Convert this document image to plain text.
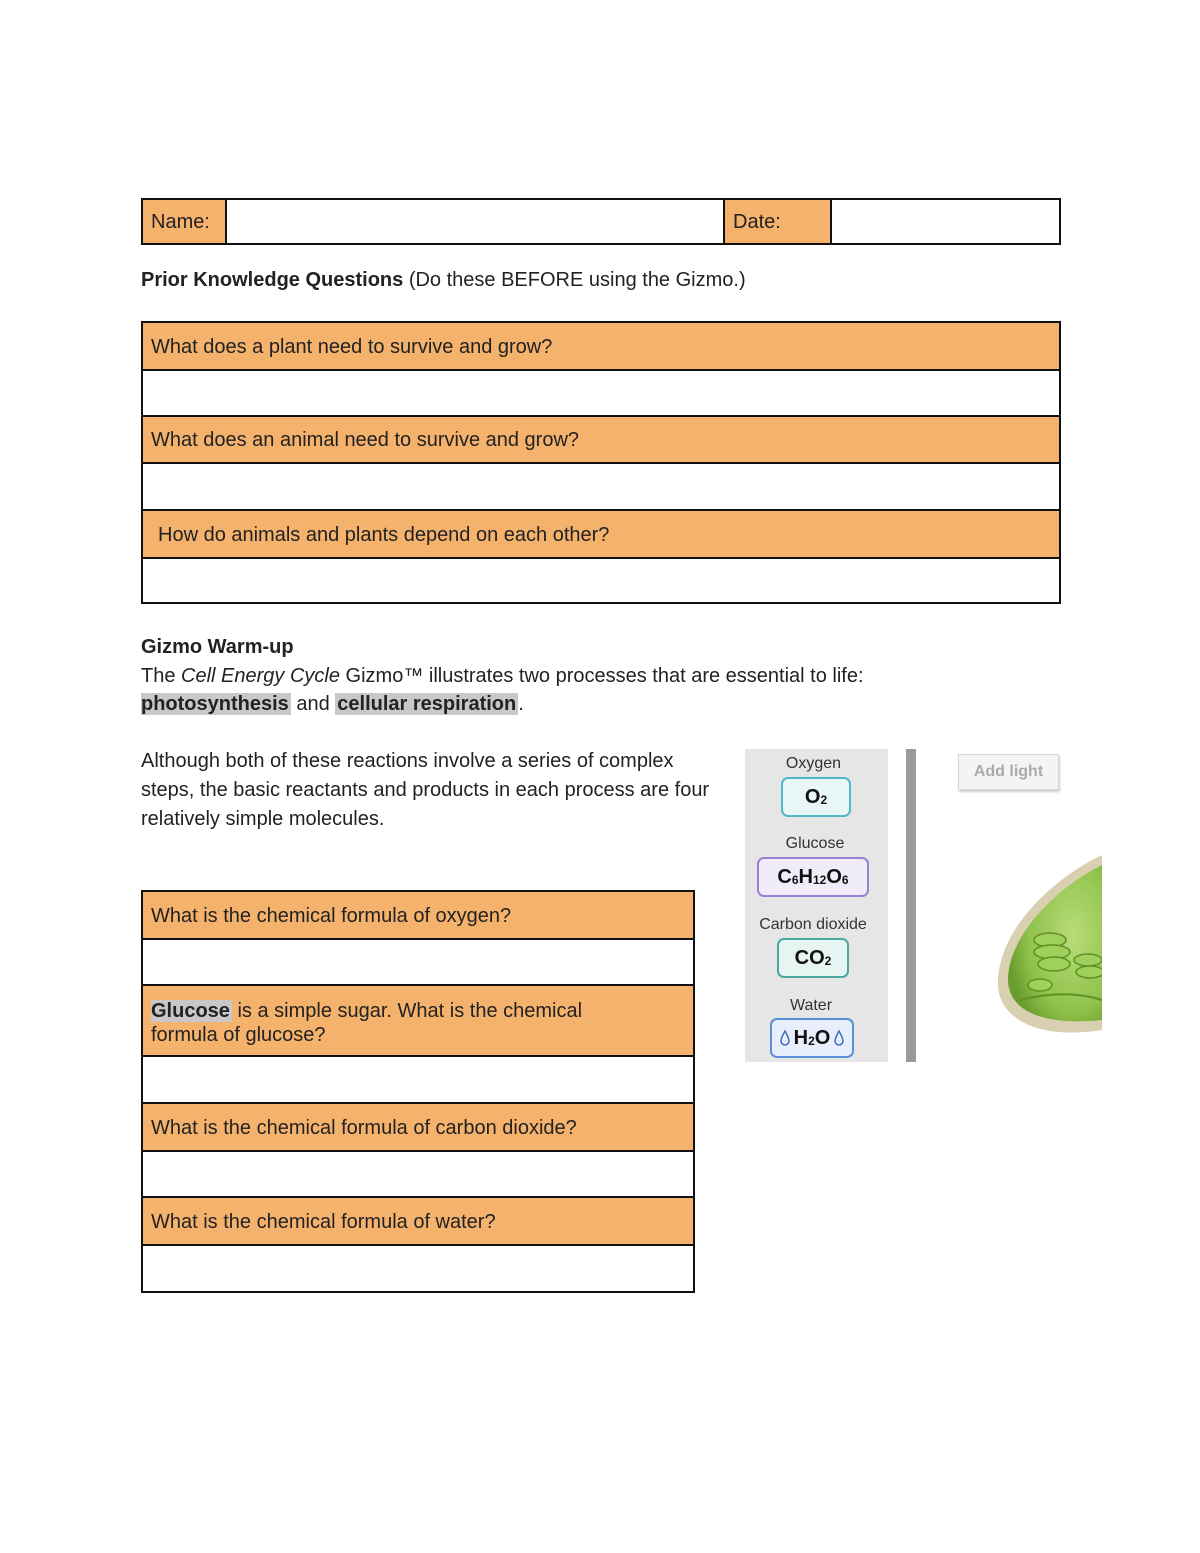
Name:	Date:
Prior Knowledge Questions (Do these BEFORE using the Gizmo.)
What does a plant need to survive and grow?
What does an animal need to survive and grow?
How do animals and plants depend on each other?
Gizmo Warm-up
The Cell Energy Cycle Gizmo™ illustrates two processes that are essential to life:
photosynthesis and cellular respiration .
Although both of these reactions involve a series of complex steps, the basic reactants and products in each process are four relatively simple molecules.
What is the chemical formula of oxygen?
Glucose is a simple sugar. What is the chemical formula of glucose?
What is the chemical formula of carbon dioxide?
What is the chemical formula of water?
Oxygen
$O_2$
Glucose
$C_6$ $H_{12}$ $O_6$
Carbon dioxide
$CO_2$
Water
$H_2$ O
Add light
